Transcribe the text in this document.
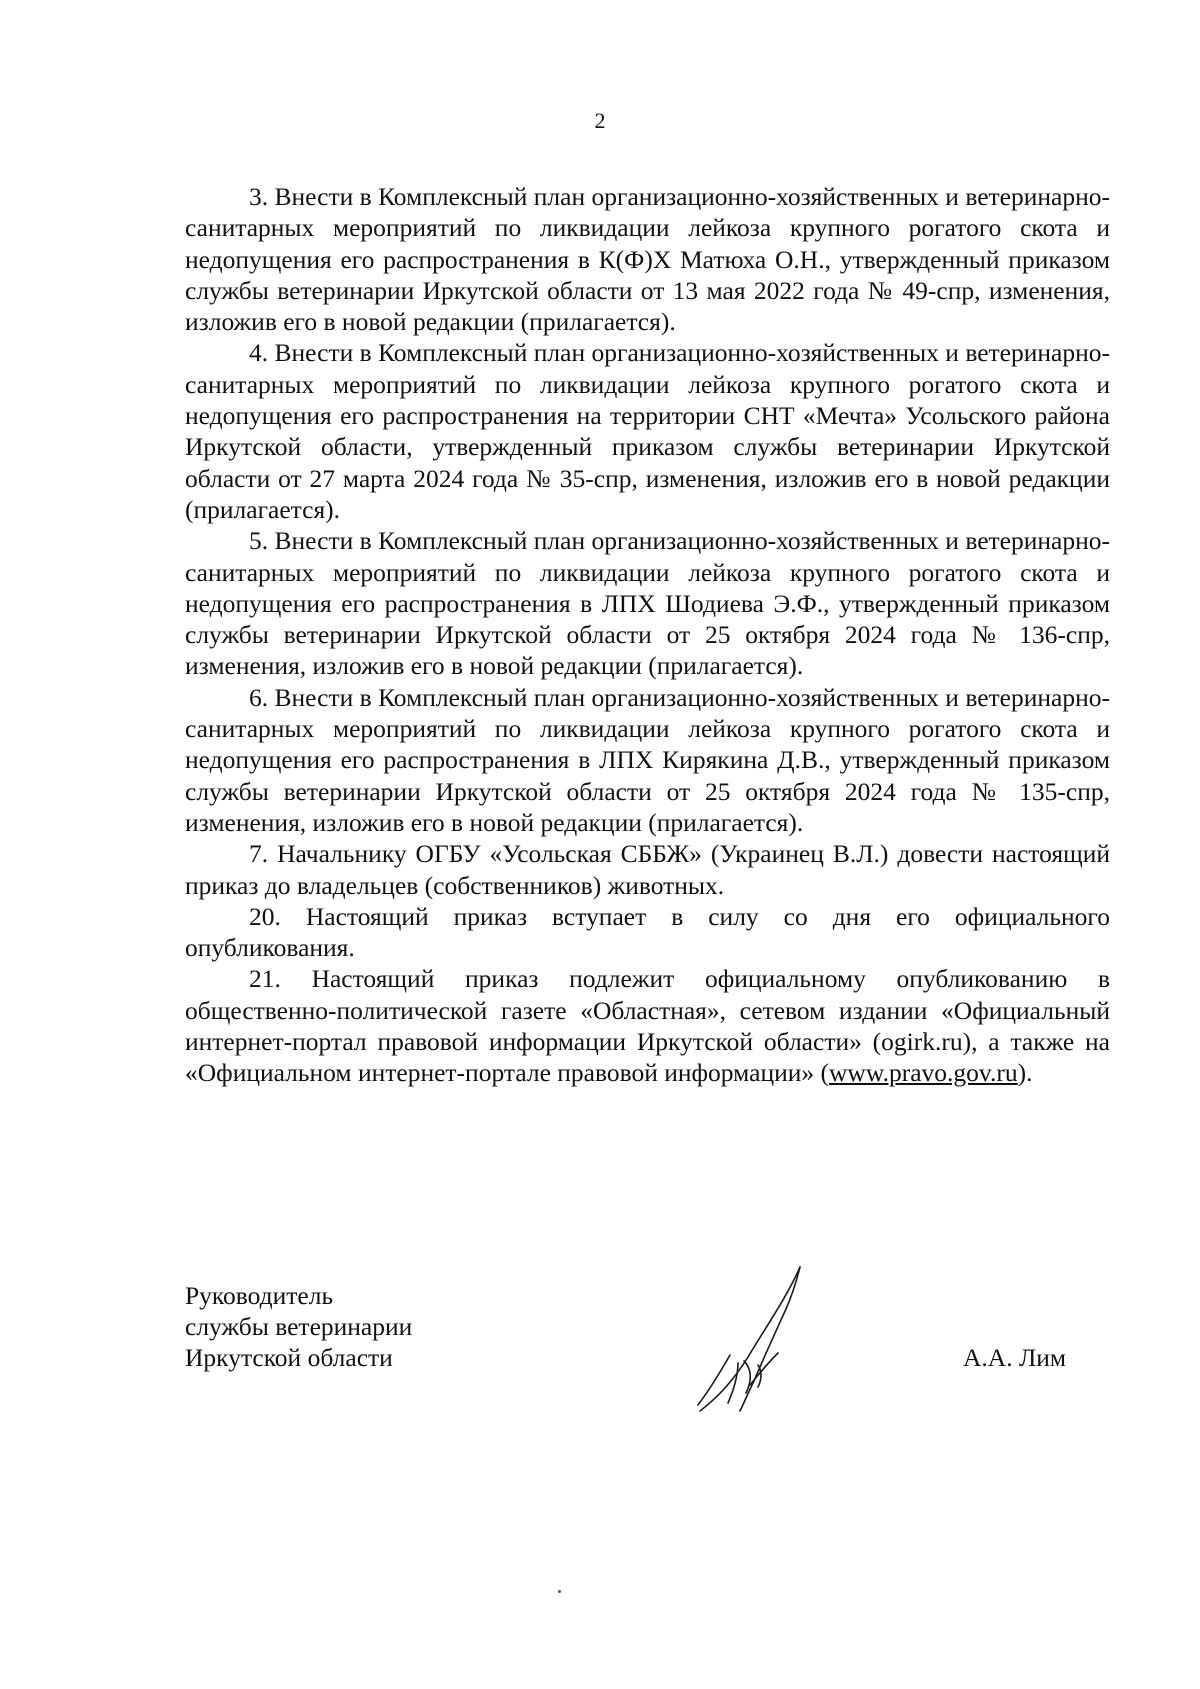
2

3. Внести в Комплексный план организационно-хозяйственных и ветеринарно-санитарных мероприятий по ликвидации лейкоза крупного рогатого скота и недопущения его распространения в К(Ф)Х Матюха О.Н., утвержденный приказом службы ветеринарии Иркутской области от 13 мая 2022 года № 49-спр, изменения, изложив его в новой редакции (прилагается).

4. Внести в Комплексный план организационно-хозяйственных и ветеринарно-санитарных мероприятий по ликвидации лейкоза крупного рогатого скота и недопущения его распространения на территории СНТ «Мечта» Усольского района Иркутской области, утвержденный приказом службы ветеринарии Иркутской области от 27 марта 2024 года № 35-спр, изменения, изложив его в новой редакции (прилагается).

5. Внести в Комплексный план организационно-хозяйственных и ветеринарно-санитарных мероприятий по ликвидации лейкоза крупного рогатого скота и недопущения его распространения в ЛПХ Шодиева Э.Ф., утвержденный приказом службы ветеринарии Иркутской области от 25 октября 2024 года № 136-спр, изменения, изложив его в новой редакции (прилагается).

6. Внести в Комплексный план организационно-хозяйственных и ветеринарно-санитарных мероприятий по ликвидации лейкоза крупного рогатого скота и недопущения его распространения в ЛПХ Кирякина Д.В., утвержденный приказом службы ветеринарии Иркутской области от 25 октября 2024 года № 135-спр, изменения, изложив его в новой редакции (прилагается).

7. Начальнику ОГБУ «Усольская СББЖ» (Украинец В.Л.) довести настоящий приказ до владельцев (собственников) животных.

20. Настоящий приказ вступает в силу со дня его официального опубликования.

21. Настоящий приказ подлежит официальному опубликованию в общественно-политической газете «Областная», сетевом издании «Официальный интернет-портал правовой информации Иркутской области» (ogirk.ru), а также на «Официальном интернет-портале правовой информации» (www.pravo.gov.ru).

Руководитель
службы ветеринарии
Иркутской области	А.А. Лим
